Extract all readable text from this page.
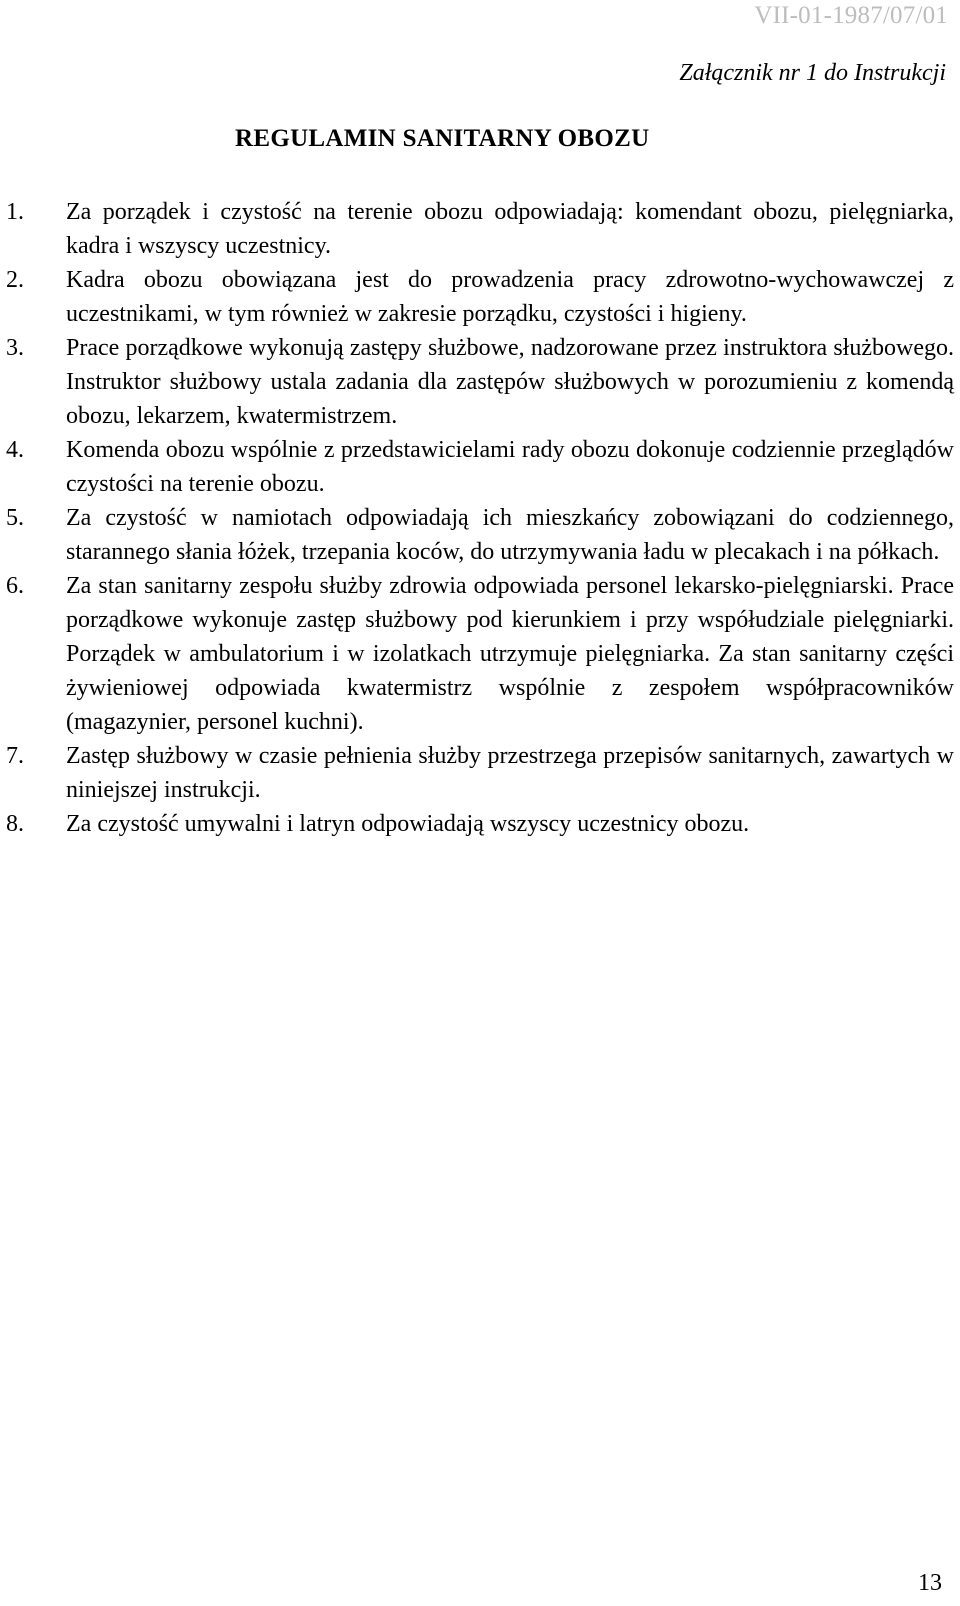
VII-01-1987/07/01
Załącznik nr 1 do Instrukcji
REGULAMIN SANITARNY OBOZU
1. Za porządek i czystość na terenie obozu odpowiadają: komendant obozu, pielęgniarka, kadra i wszyscy uczestnicy.
2. Kadra obozu obowiązana jest do prowadzenia pracy zdrowotno-wychowawczej z uczestnikami, w tym również w zakresie porządku, czystości i higieny.
3. Prace porządkowe wykonują zastępy służbowe, nadzorowane przez instruktora służbowego. Instruktor służbowy ustala zadania dla zastępów służbowych w porozumieniu z komendą obozu, lekarzem, kwatermistrzem.
4. Komenda obozu wspólnie z przedstawicielami rady obozu dokonuje codziennie przeglądów czystości na terenie obozu.
5. Za czystość w namiotach odpowiadają ich mieszkańcy zobowiązani do codziennego, starannego słania łóżek, trzepania koców, do utrzymywania ładu w plecakach i na półkach.
6. Za stan sanitarny zespołu służby zdrowia odpowiada personel lekarsko-pielęgniarski. Prace porządkowe wykonuje zastęp służbowy pod kierunkiem i przy współudziale pielęgniarki. Porządek w ambulatorium i w izolatkach utrzymuje pielęgniarka. Za stan sanitarny części żywieniowej odpowiada kwatermistrz wspólnie z zespołem współpracowników (magazynier, personel kuchni).
7. Zastęp służbowy w czasie pełnienia służby przestrzega przepisów sanitarnych, zawartych w niniejszej instrukcji.
8. Za czystość umywalni i latryn odpowiadają wszyscy uczestnicy obozu.
13
